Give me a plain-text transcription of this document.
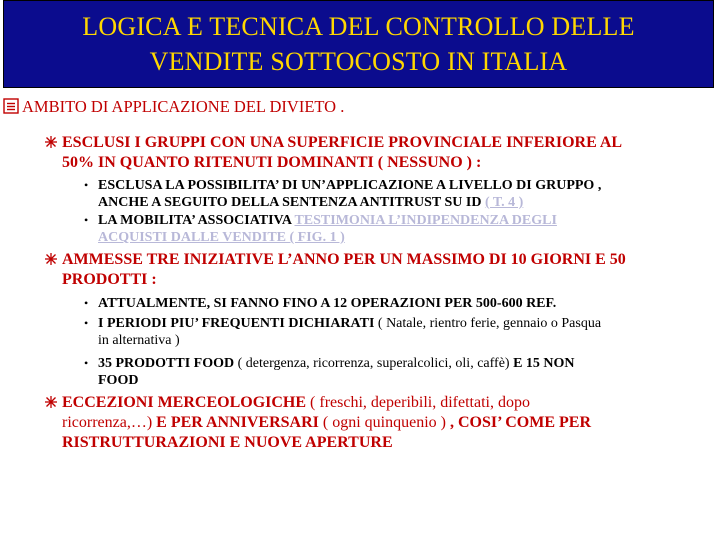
LOGICA E TECNICA DEL CONTROLLO DELLE
VENDITE SOTTOCOSTO IN ITALIA
AMBITO DI APPLICAZIONE DEL DIVIETO .
ESCLUSI I GRUPPI CON UNA SUPERFICIE PROVINCIALE INFERIORE AL
50% IN QUANTO RITENUTI DOMINANTI ( NESSUNO ) :
• ESCLUSA LA POSSIBILITA’ DI UN’APPLICAZIONE A LIVELLO DI GRUPPO ,
ANCHE A SEGUITO DELLA SENTENZA ANTITRUST SU ID ( T. 4 )
• LA MOBILITA’ ASSOCIATIVA TESTIMONIA L’INDIPENDENZA DEGLI
ACQUISTI DALLE VENDITE ( FIG. 1 )
AMMESSE TRE INIZIATIVE L’ANNO PER UN MASSIMO DI 10 GIORNI E 50
PRODOTTI :
• ATTUALMENTE, SI FANNO FINO A 12 OPERAZIONI PER 500-600 REF.
• I PERIODI PIU’ FREQUENTI DICHIARATI ( Natale, rientro ferie, gennaio o Pasqua
in alternativa )
• 35 PRODOTTI FOOD ( detergenza, ricorrenza, superalcolici, oli, caffè) E 15 NON
FOOD
ECCEZIONI MERCEOLOGICHE ( freschi, deperibili, difettati, dopo
ricorrenza,…) E PER ANNIVERSARI ( ogni quinquenio ) , COSI’ COME PER
RISTRUTTURAZIONI E NUOVE APERTURE
